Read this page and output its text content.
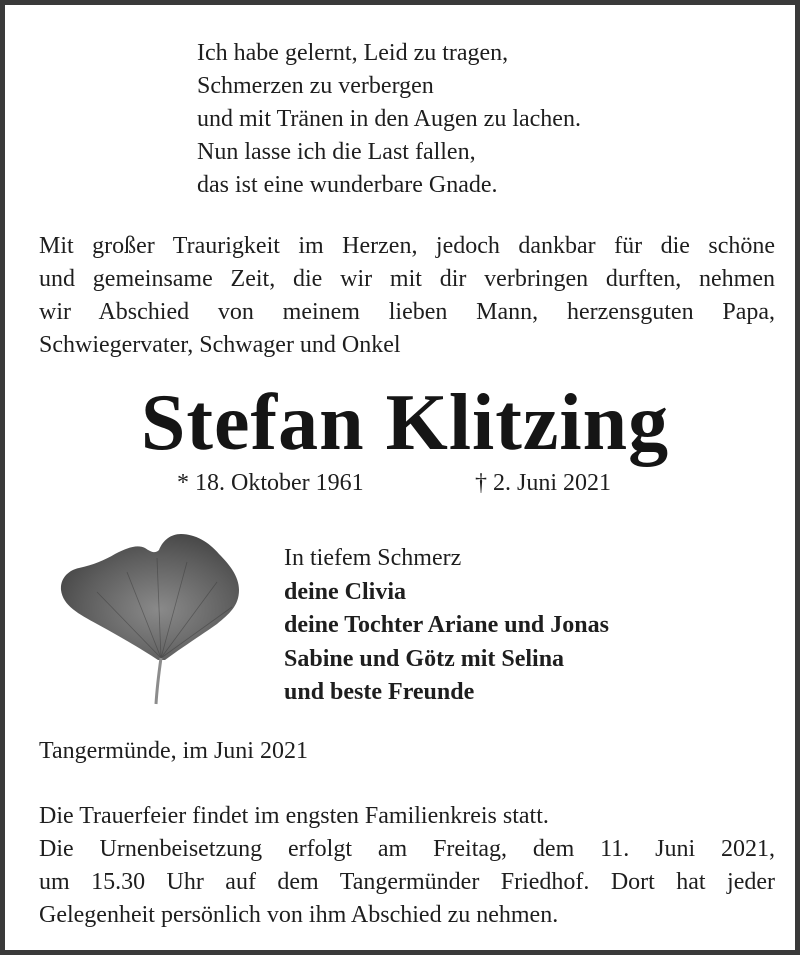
Ich habe gelernt, Leid zu tragen,
Schmerzen zu verbergen
und mit Tränen in den Augen zu lachen.
Nun lasse ich die Last fallen,
das ist eine wunderbare Gnade.
Mit großer Traurigkeit im Herzen, jedoch dankbar für die schöne
und gemeinsame Zeit, die wir mit dir verbringen durften, nehmen
wir Abschied von meinem lieben Mann, herzensguten Papa,
Schwiegervater, Schwager und Onkel
Stefan Klitzing
* 18. Oktober 1961	† 2. Juni 2021
In tiefem Schmerz
deine Clivia
deine Tochter Ariane und Jonas
Sabine und Götz mit Selina
und beste Freunde
Tangermünde, im Juni 2021
Die Trauerfeier findet im engsten Familienkreis statt.
Die Urnenbeisetzung erfolgt am Freitag, dem 11. Juni 2021,
um 15.30 Uhr auf dem Tangermünder Friedhof. Dort hat jeder
Gelegenheit persönlich von ihm Abschied zu nehmen.
